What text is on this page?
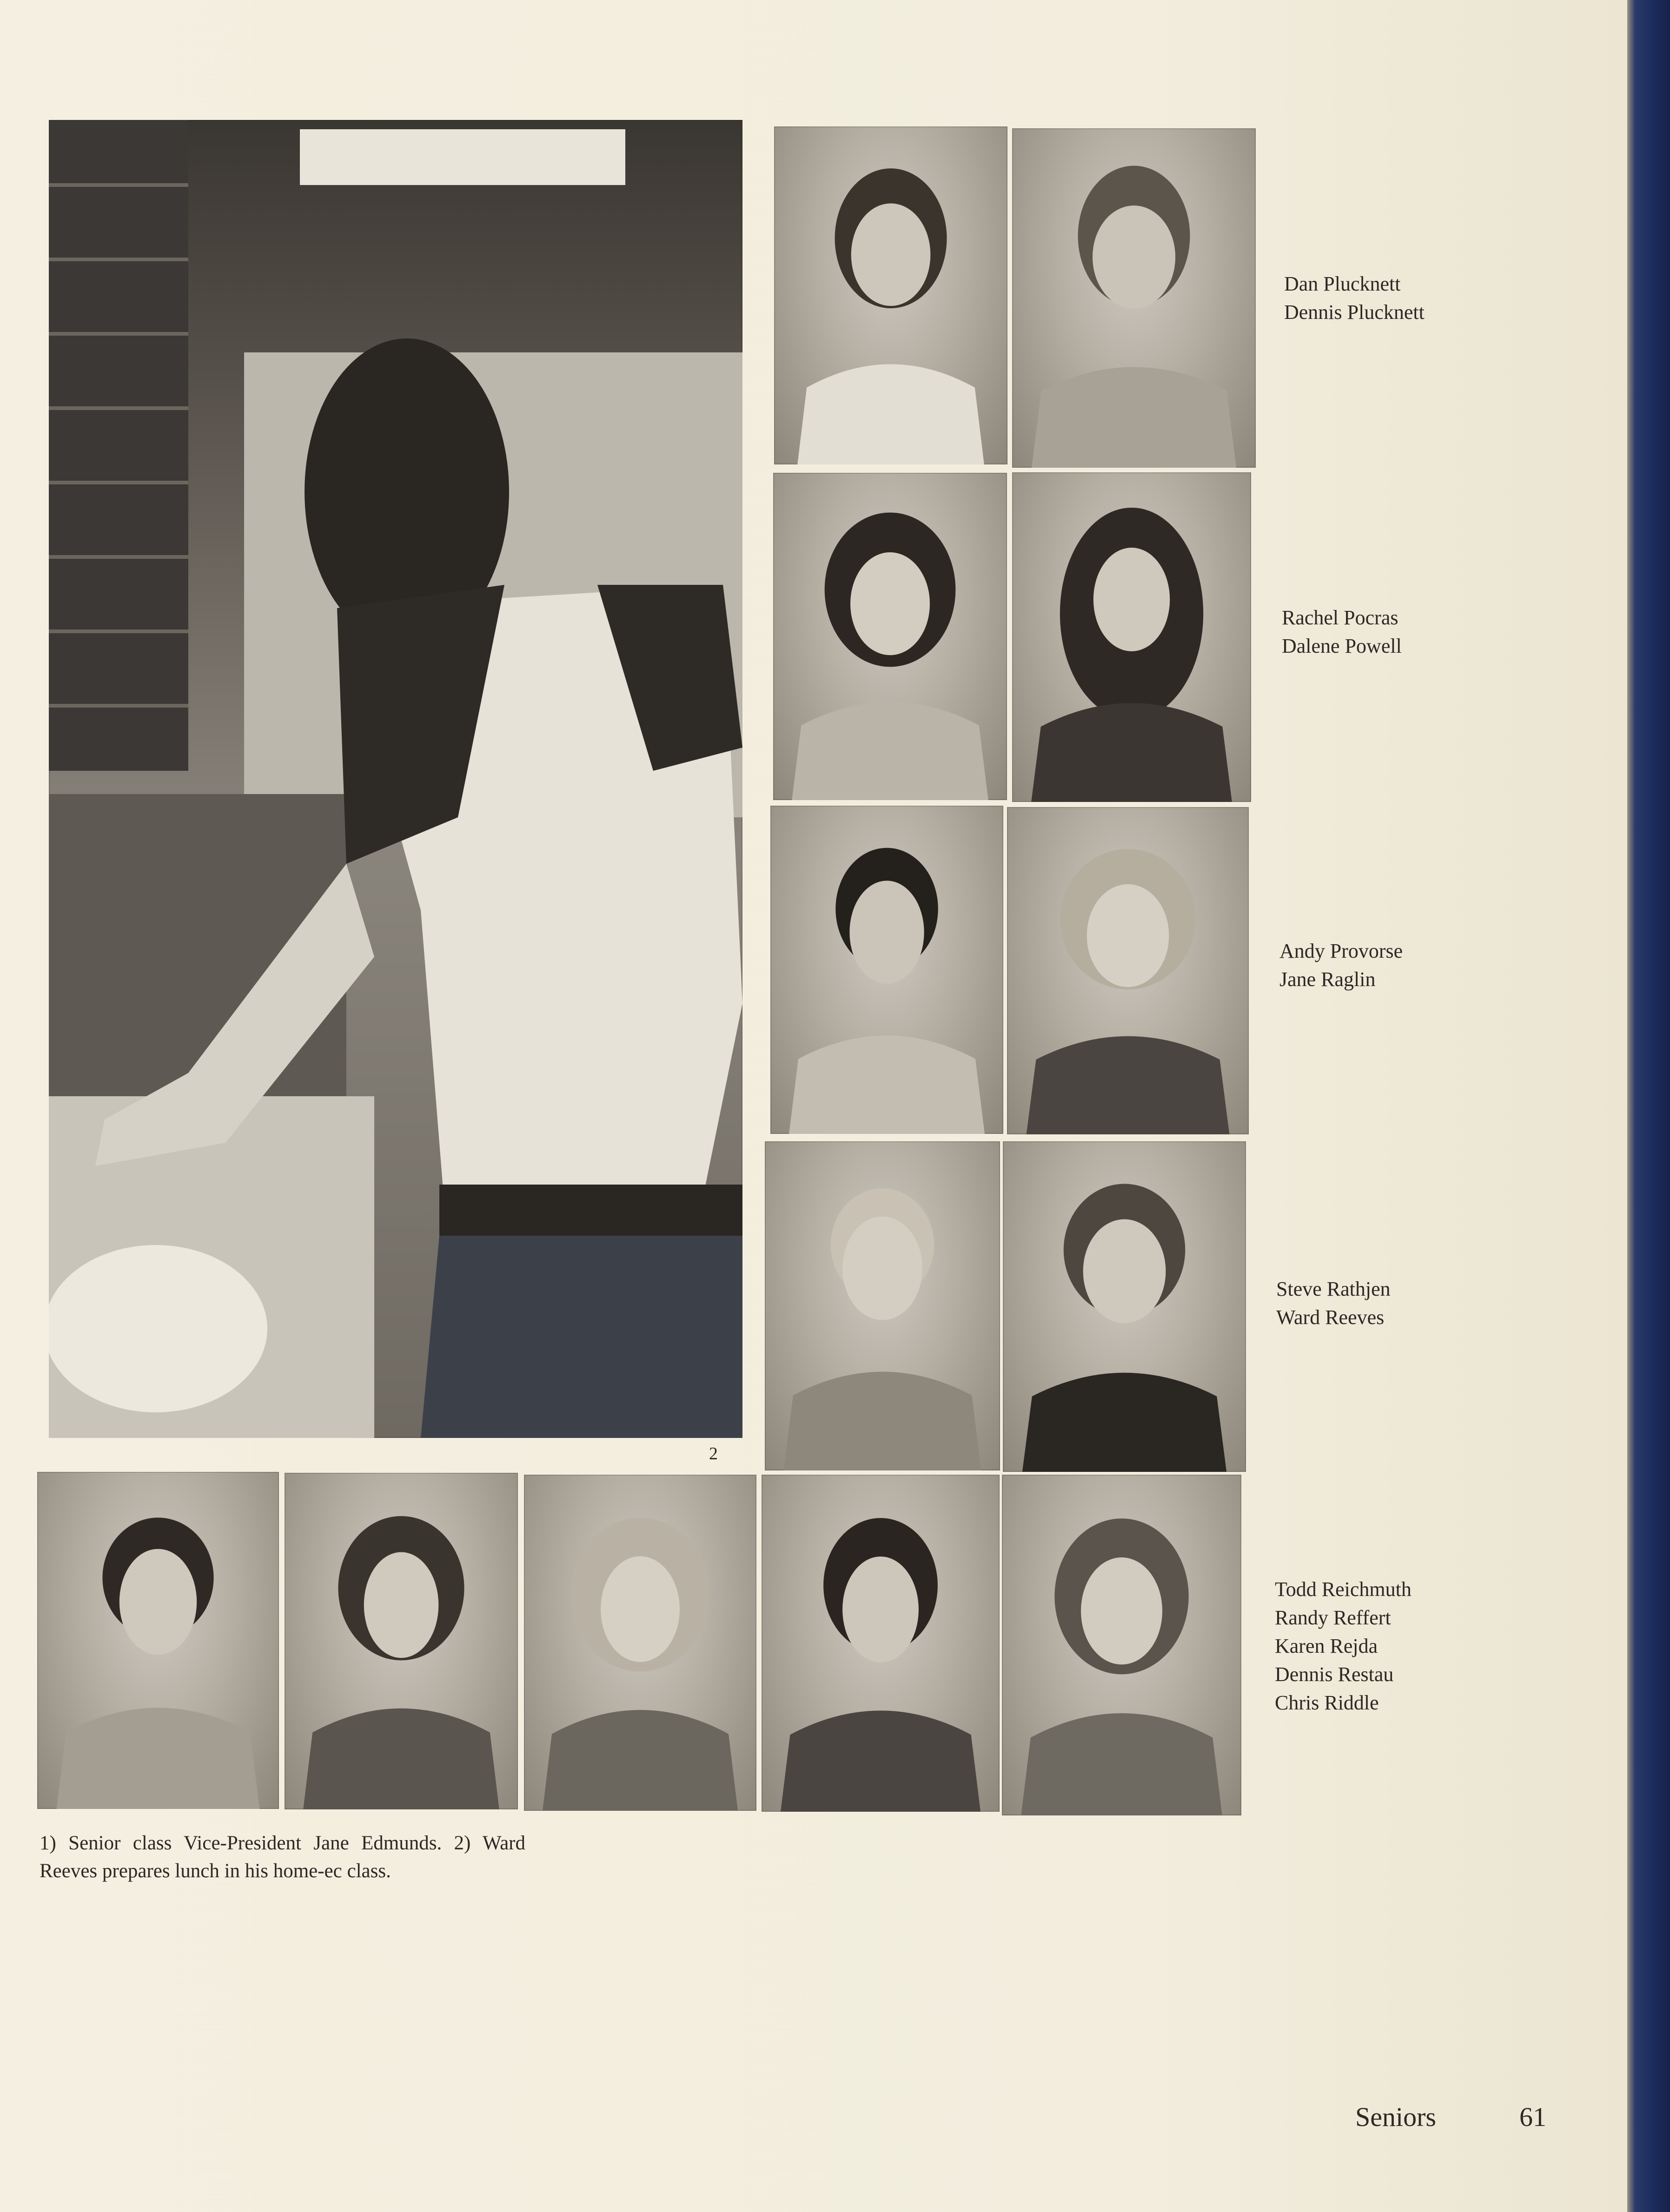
2
Dan Plucknett
Dennis Plucknett
Rachel Pocras
Dalene Powell
Andy Provorse
Jane Raglin
Steve Rathjen
Ward Reeves
Todd Reichmuth
Randy Reffert
Karen Rejda
Dennis Restau
Chris Riddle
1) Senior class Vice-President Jane Edmunds. 2) Ward Reeves prepares lunch in his home-ec class.
Seniors	61
